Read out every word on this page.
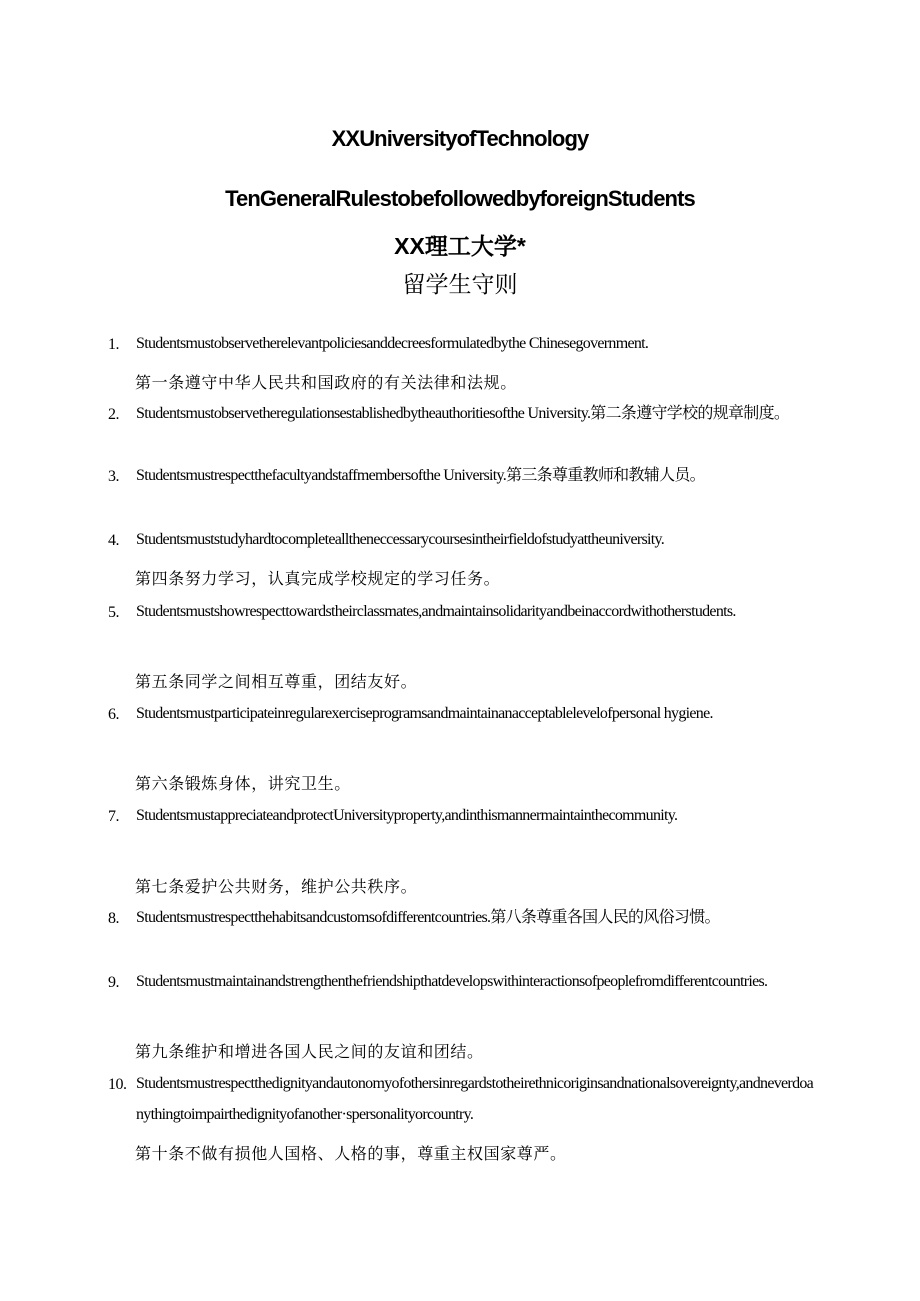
XXUniversityofTechnology
TenGeneralRulestobefollowedbyforeignStudents
XX理工大学*
留学生守则
1.	Studentsmustobservetherelevantpoliciesanddecreesformulatedbythe Chinesegovernment.
第一条遵守中华人民共和国政府的有关法律和法规。
2.	Studentsmustobservetheregulationsestablishedbytheauthoritiesofthe University.第二条遵守学校的规章制度。
3.	Studentsmustrespectthefacultyandstaffmembersofthe University.第三条尊重教师和教辅人员。
4.	Studentsmuststudyhardtocompletealltheneccessarycoursesintheirfieldofstudyattheuniversity.
第四条努力学习，认真完成学校规定的学习任务。
5.	Studentsmustshowrespecttowardstheirclassmates,andmaintainsolidarityandbeinaccordwithotherstudents.
第五条同学之间相互尊重，团结友好。
6.	Studentsmustparticipateinregularexerciseprogramsandmaintainanacceptablelevelofpersonal hygiene.
第六条锻炼身体，讲究卫生。
7.	StudentsmustappreciateandprotectUniversityproperty,andinthismannermaintainthecommunity.
第七条爱护公共财务，维护公共秩序。
8.	Studentsmustrespectthehabitsandcustomsofdifferentcountries.第八条尊重各国人民的风俗习惯。
9.	Studentsmustmaintainandstrengthenthefriendshipthatdevelopswithinteractionsofpeoplefromdifferentcountries.
第九条维护和增进各国人民之间的友谊和团结。
10. Studentsmustrespectthedignityandautonomyofothersinregardstotheirethnicoriginsandnationalsovereignty,andneverdoanythingtoimpairthedignityofanother·spersonalityorcountry.
第十条不做有损他人国格、人格的事，尊重主权国家尊严。
